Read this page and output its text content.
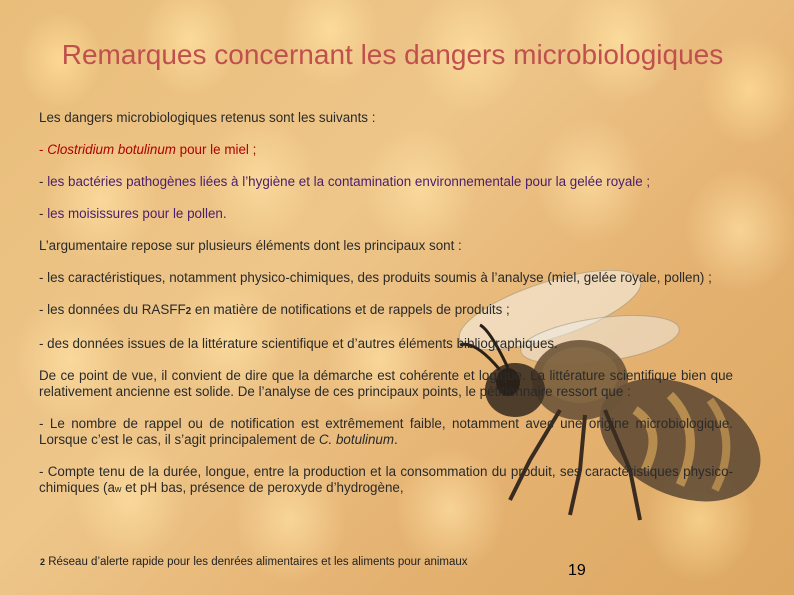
Remarques concernant les dangers microbiologiques

Les dangers microbiologiques retenus sont les suivants :

- Clostridium botulinum pour le miel ;

- les bactéries pathogènes liées à l’hygiène et la contamination environnementale pour la gelée royale ;

- les moisissures pour le pollen.

L’argumentaire repose sur plusieurs éléments dont les principaux sont :

- les caractéristiques, notamment physico-chimiques, des produits soumis à l’analyse (miel, gelée royale, pollen) ;

- les données du RASFF2 en matière de notifications et de rappels de produits ;

- des données issues de la littérature scientifique et d’autres éléments bibliographiques.

De ce point de vue, il convient de dire que la démarche est cohérente et logique. La littérature scientifique bien que relativement ancienne est solide. De l’analyse de ces principaux points, le pétitionnaire ressort que :

- Le nombre de rappel ou de notification est extrêmement faible, notamment avec une origine microbiologique. Lorsque c’est le cas, il s’agit principalement de C. botulinum.

- Compte tenu de la durée, longue, entre la production et la consommation du produit, ses caractéristiques physico-chimiques (aw et pH bas, présence de peroxyde d’hydrogène,

2 Réseau d’alerte rapide pour les denrées alimentaires et les aliments pour animaux	19
